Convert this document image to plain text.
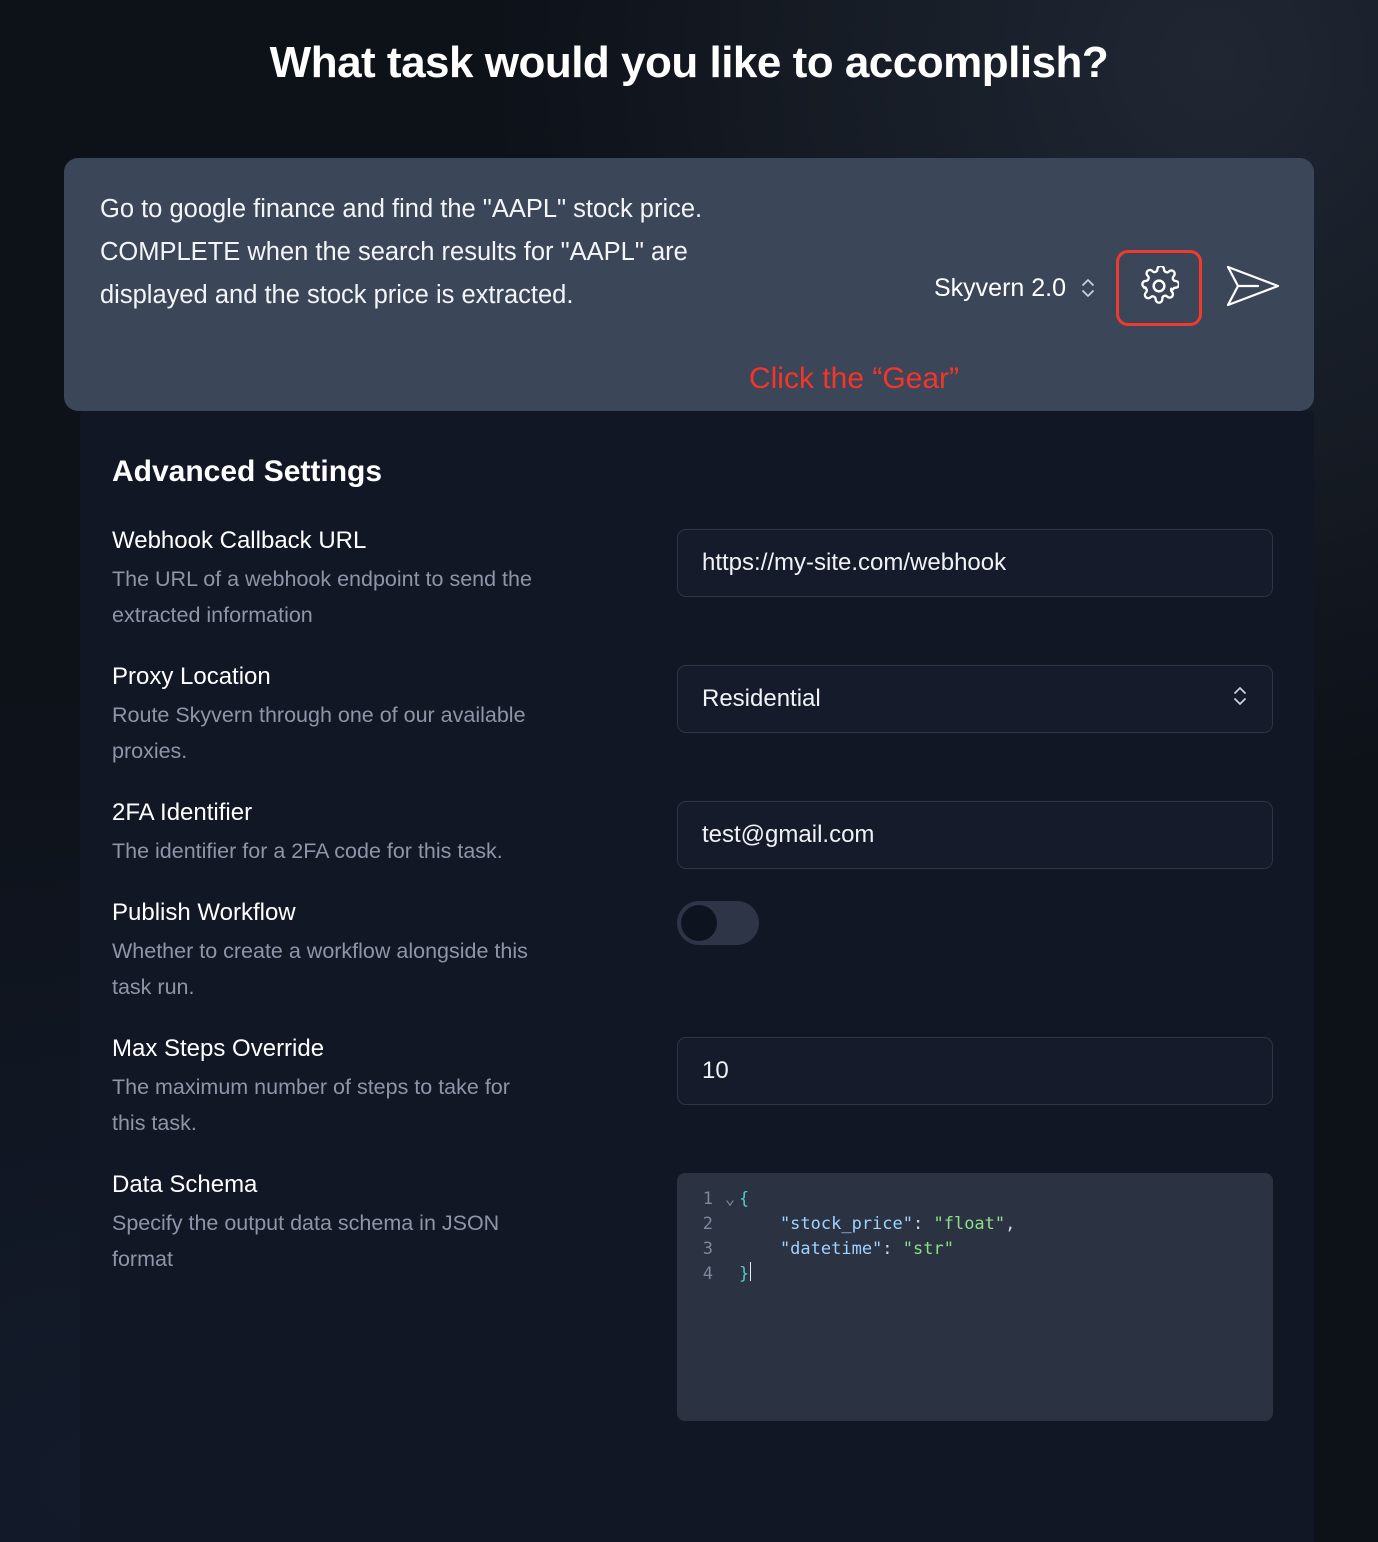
What task would you like to accomplish?
Go to google finance and find the "AAPL" stock price. COMPLETE when the search results for "AAPL" are displayed and the stock price is extracted.	Skyvern 2.0
Click the “Gear”

Advanced Settings
Webhook Callback URL
The URL of a webhook endpoint to send the extracted information
https://my-site.com/webhook
Proxy Location
Route Skyvern through one of our available proxies.
Residential
2FA Identifier
The identifier for a 2FA code for this task.
test@gmail.com
Publish Workflow
Whether to create a workflow alongside this task run.
Max Steps Override
The maximum number of steps to take for this task.
10
Data Schema
Specify the output data schema in JSON format
1 ⌄ {
2	"stock_price": "float",
3	"datetime": "str"
4	}
